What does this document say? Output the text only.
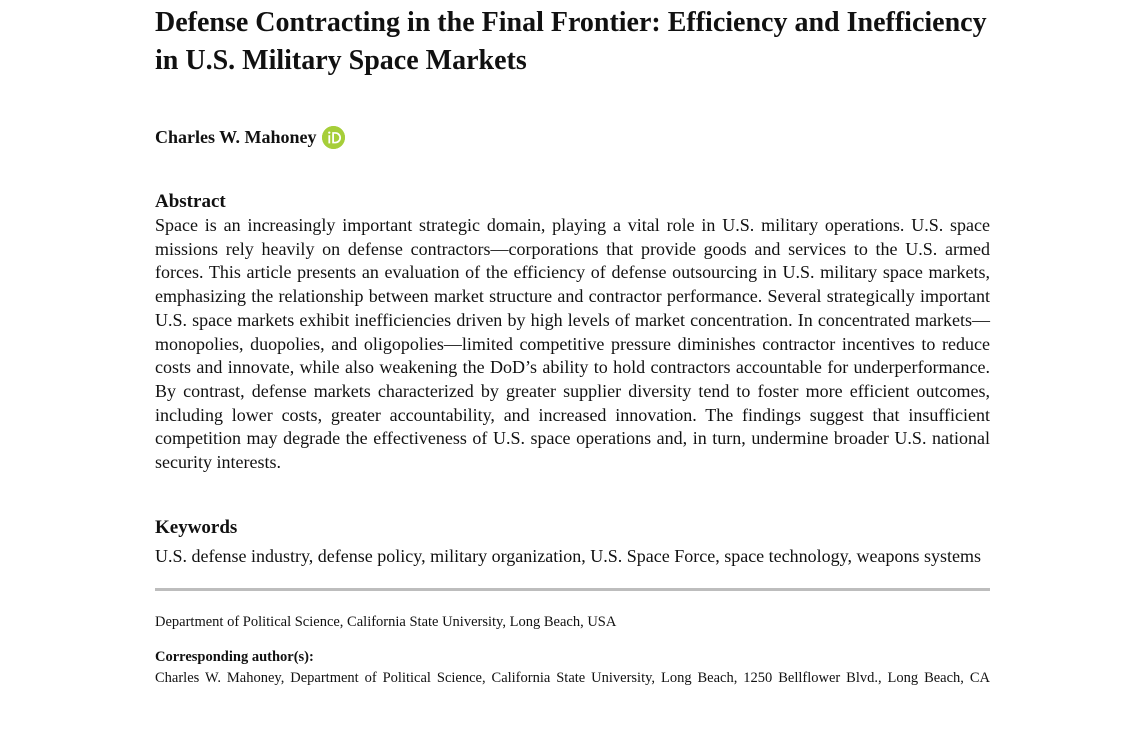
Defense Contracting in the Final Frontier: Efficiency and Inefficiency in U.S. Military Space Markets
Charles W. Mahoney
Abstract

Space is an increasingly important strategic domain, playing a vital role in U.S. military operations. U.S. space missions rely heavily on defense contractors—corporations that provide goods and services to the U.S. armed forces. This article presents an evaluation of the efficiency of defense outsourcing in U.S. military space markets, emphasizing the relationship between market structure and contractor performance. Several strategically important U.S. space markets exhibit inefficiencies driven by high levels of market concentration. In concentrated markets—monopolies, duopolies, and oligopolies—limited competitive pressure diminishes contractor incentives to reduce costs and innovate, while also weakening the DoD’s ability to hold contractors accountable for underperformance. By contrast, defense markets characterized by greater supplier diversity tend to foster more efficient outcomes, including lower costs, greater accountability, and increased innovation. The findings suggest that insufficient competition may degrade the effectiveness of U.S. space operations and, in turn, undermine broader U.S. national security interests.

Keywords

U.S. defense industry, defense policy, military organization, U.S. Space Force, space technology, weapons systems

Department of Political Science, California State University, Long Beach, USA
Corresponding author(s):
Charles W. Mahoney, Department of Political Science, California State University, Long Beach, 1250 Bellflower Blvd., Long Beach, CA
